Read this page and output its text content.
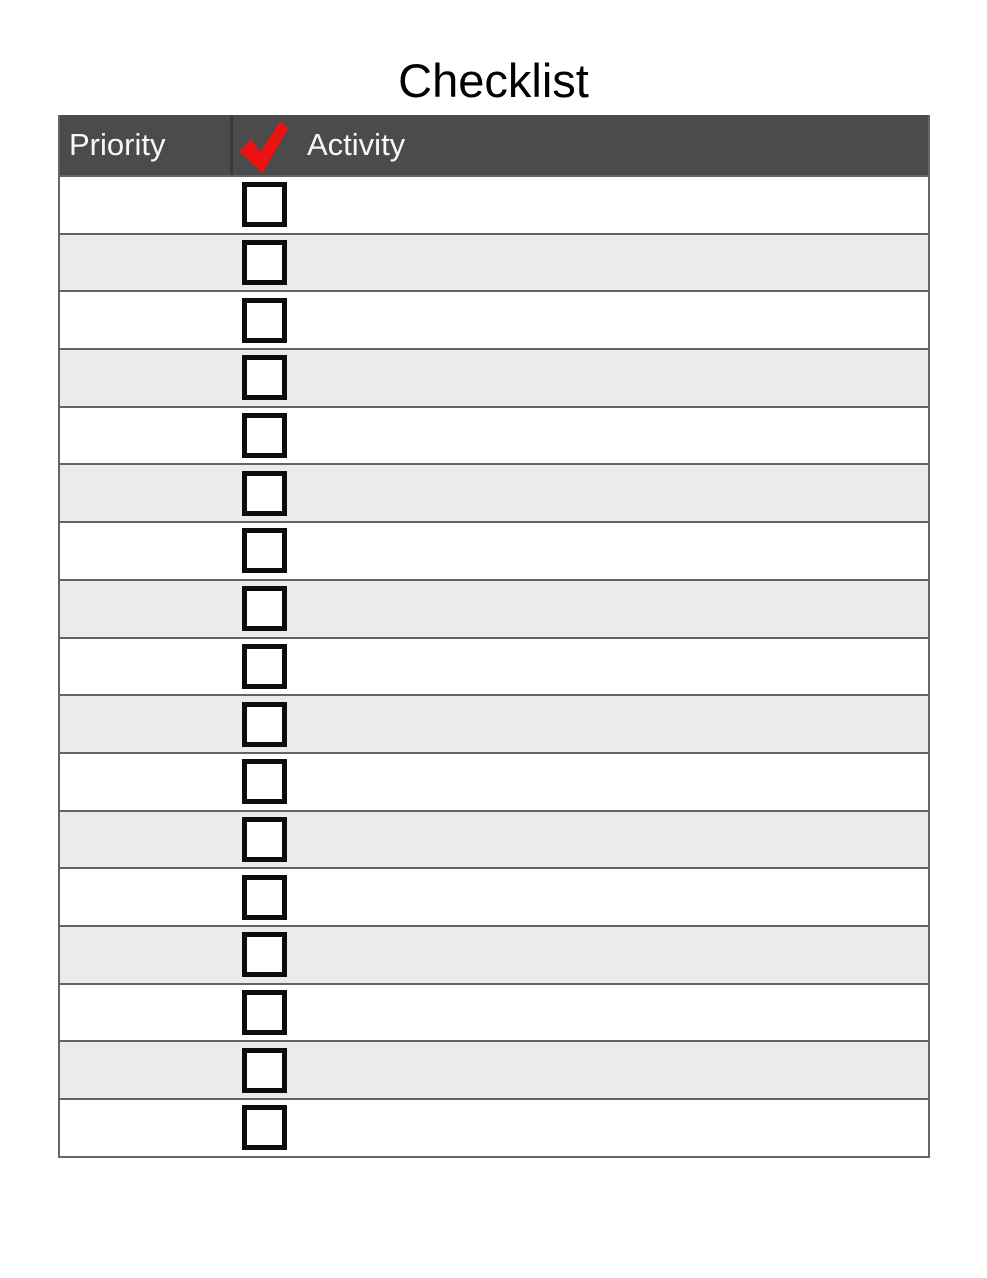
Checklist
Priority	Activity
